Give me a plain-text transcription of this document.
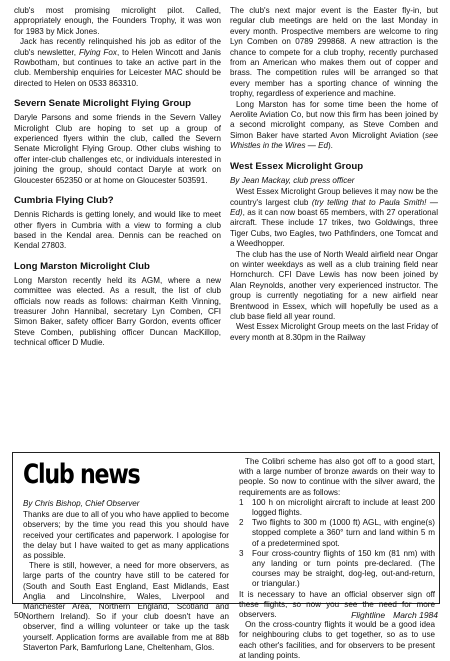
club's most promising microlight pilot. Called, appropriately enough, the Founders Trophy, it was won for 1983 by Mick Jones.

Jack has recently relinquished his job as editor of the club's newsletter, Flying Fox, to Helen Wincott and Janis Rowbotham, but continues to take an active part in the club. Membership enquiries for Leicester MAC should be directed to Helen on 0533 863310.

Severn Senate Microlight Flying Group

Daryle Parsons and some friends in the Severn Valley Microlight Club are hoping to set up a group of experienced flyers within the club, called the Severn Senate Microlight Flying Group. Other clubs wishing to offer inter-club challenges etc, or individuals interested in joining the group, should contact Daryle at work on Gloucester 652350 or at home on Gloucester 503591.

Cumbria Flying Club?

Dennis Richards is getting lonely, and would like to meet other flyers in Cumbria with a view to forming a club based in the Kendal area. Dennis can be reached on Kendal 27803.

Long Marston Microlight Club

Long Marston recently held its AGM, where a new committee was elected. As a result, the list of club officials now reads as follows: chairman Keith Vinning, treasurer John Hannibal, secretary Lyn Comben, CFI Simon Baker, safety officer Barry Gordon, events officer Steve Comben, publishing officer Duncan MacKillop, technical officer D Mudie.

The club's next major event is the Easter fly-in, but regular club meetings are held on the last Monday in every month. Prospective members are welcome to ring Lyn Comben on 0789 299868. A new attraction is the chance to compete for a club trophy, recently purchased from an American who makes them out of copper and brass. The competition rules will be arranged so that every member has a sporting chance of winning the trophy, regardless of experience and machine.

Long Marston has for some time been the home of Aerolite Aviation Co, but now this firm has been joined by a second microlight company, as Steve Comben and Simon Baker have started Avon Microlight Aviation (see Whistles in the Wires — Ed).

West Essex Microlight Group

By Jean Mackay, club press officer

West Essex Microlight Group believes it may now be the country's largest club (try telling that to Paula Smith! — Ed), as it can now boast 65 members, with 27 operational aircraft. These include 17 trikes, two Goldwings, three Tiger Cubs, two Eagles, two Pathfinders, one Tomcat and a Weedhopper.

The club has the use of North Weald airfield near Ongar on winter weekdays as well as a club training field near Hornchurch. CFI Dave Lewis has now been joined by Alan Reynolds, another very experienced instructor. The group is currently negotiating for a new airfield near Brentwood in Essex, which will hopefully be used as a club base field all year round.

West Essex Microlight Group meets on the last Friday of every month at 8.30pm in the Railway

Club news

By Chris Bishop, Chief Observer

Thanks are due to all of you who have applied to become observers; by the time you read this you should have received your certificates and paperwork. I apologise for the delay but I have waited to get as many applications as possible.

There is still, however, a need for more observers, as large parts of the country have still to be catered for (South and South East England, East Midlands, East Anglia and Lincolnshire, Wales, Liverpool and Manchester Area, Northern England, Scotland and Northern Ireland). So if your club doesn't have an observer, find a willing volunteer or take up the task yourself. Application forms are available from me at 88b Staverton Park, Bamfurlong Lane, Cheltenham, Glos.

The Colibri scheme has also got off to a good start, with a large number of bronze awards on their way to people. So now to continue with the silver award, the requirements are as follows:

1 100 h on microlight aircraft to include at least 200 logged flights.
2 Two flights to 300 m (1000 ft) AGL, with engine(s) stopped complete a 360° turn and land within 5 m of a predetermined spot.
3 Four cross-country flights of 150 km (81 nm) with any landing or turn points pre-declared. (The courses may be straight, dog-leg, out-and-return, or triangular.)

It is necessary to have an official observer sign off these flights, so now you see the need for more observers.

On the cross-country flights it would be a good idea for neighbouring clubs to get together, so as to use each other's facilities, and for observers to be present at landing points.

50	Flightline March 1984
